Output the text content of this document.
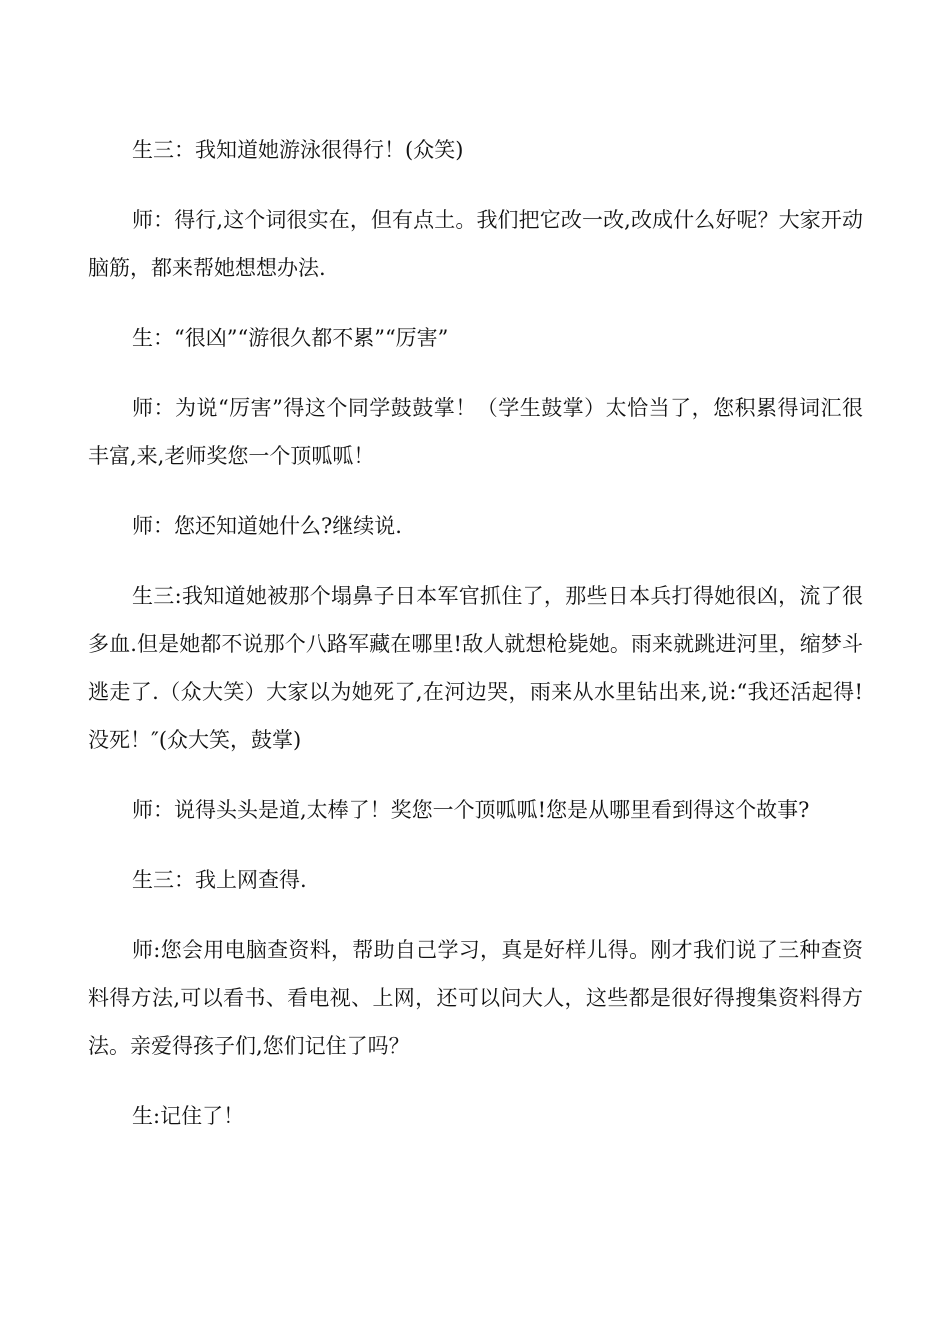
生三：我知道她游泳很得行！(众笑)

师：得行,这个词很实在，但有点土。我们把它改一改,改成什么好呢？大家开动脑筋，都来帮她想想办法.

生：“很凶”“游很久都不累”“厉害”

师：为说“厉害”得这个同学鼓鼓掌！（学生鼓掌）太恰当了，您积累得词汇很丰富,来,老师奖您一个顶呱呱！

师：您还知道她什么?继续说.

生三:我知道她被那个塌鼻子日本军官抓住了，那些日本兵打得她很凶，流了很多血.但是她都不说那个八路军藏在哪里!敌人就想枪毙她。雨来就跳进河里，缩梦斗逃走了.（众大笑）大家以为她死了,在河边哭，雨来从水里钻出来,说:“我还活起得!没死！″(众大笑，鼓掌)

师：说得头头是道,太棒了！奖您一个顶呱呱!您是从哪里看到得这个故事?

生三：我上网查得.

师:您会用电脑查资料，帮助自己学习，真是好样儿得。刚才我们说了三种查资料得方法,可以看书、看电视、上网，还可以问大人，这些都是很好得搜集资料得方法。亲爱得孩子们,您们记住了吗？

生:记住了！
